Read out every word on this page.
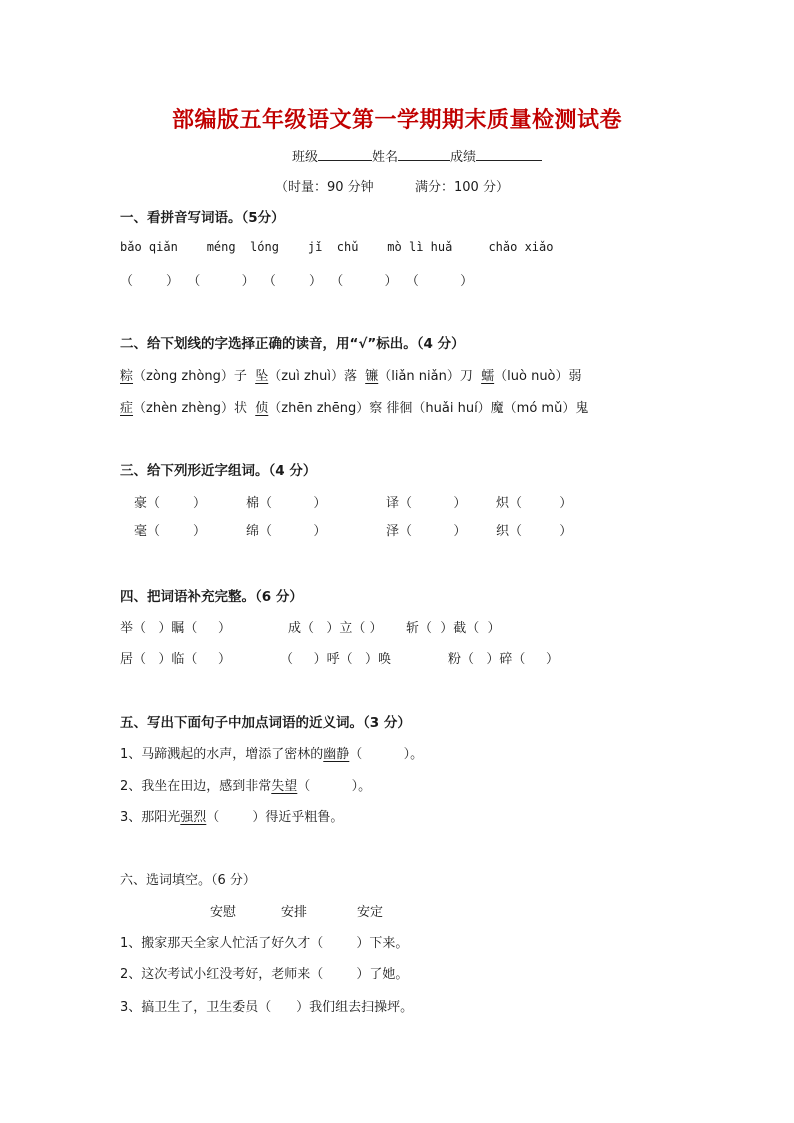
部编版五年级语文第一学期期末质量检测试卷
班级	姓名	成绩
（时量：90 分钟          满分：100 分）
一、看拼音写词语。（5分）
bǎo qiǎn    méng  lóng    jǐ  chǔ    mò lì huǎ     chǎo xiǎo
（        ）  （          ）  （        ）  （          ）  （          ）
二、给下划线的字选择正确的读音，用“√”标出。（4 分）
粽（zòng zhòng）子  坠（zuì zhuì）落  镰（liǎn niǎn）刀  蠕（luò nuò）弱
症（zhèn zhèng）状  侦（zhēn zhēng）察 徘徊（huǎi huí）魔（mó mǔ）鬼
三、给下列形近字组词。（4 分）
豪（        ）	棉（          ）	译（          ） 炽（         ）
毫（        ）	绵（          ）	泽（          ） 织（         ）
四、把词语补充完整。（6 分）
举（   ）瞩（     ）	成（   ）立（ ） 斩（  ）截（  ）
居（   ）临（     ）	（     ）呼（   ）唤	粉（   ）碎（     ）
五、写出下面句子中加点词语的近义词。（3 分）
1、马蹄溅起的水声，增添了密林的幽静（          ）。
2、我坐在田边，感到非常失望（          ）。
3、那阳光强烈（        ）得近乎粗鲁。
六、选词填空。（6 分）
安慰	安排	安定
1、搬家那天全家人忙活了好久才（        ）下来。
2、这次考试小红没考好，老师来（        ）了她。
3、搞卫生了，卫生委员（      ）我们组去扫操坪。
